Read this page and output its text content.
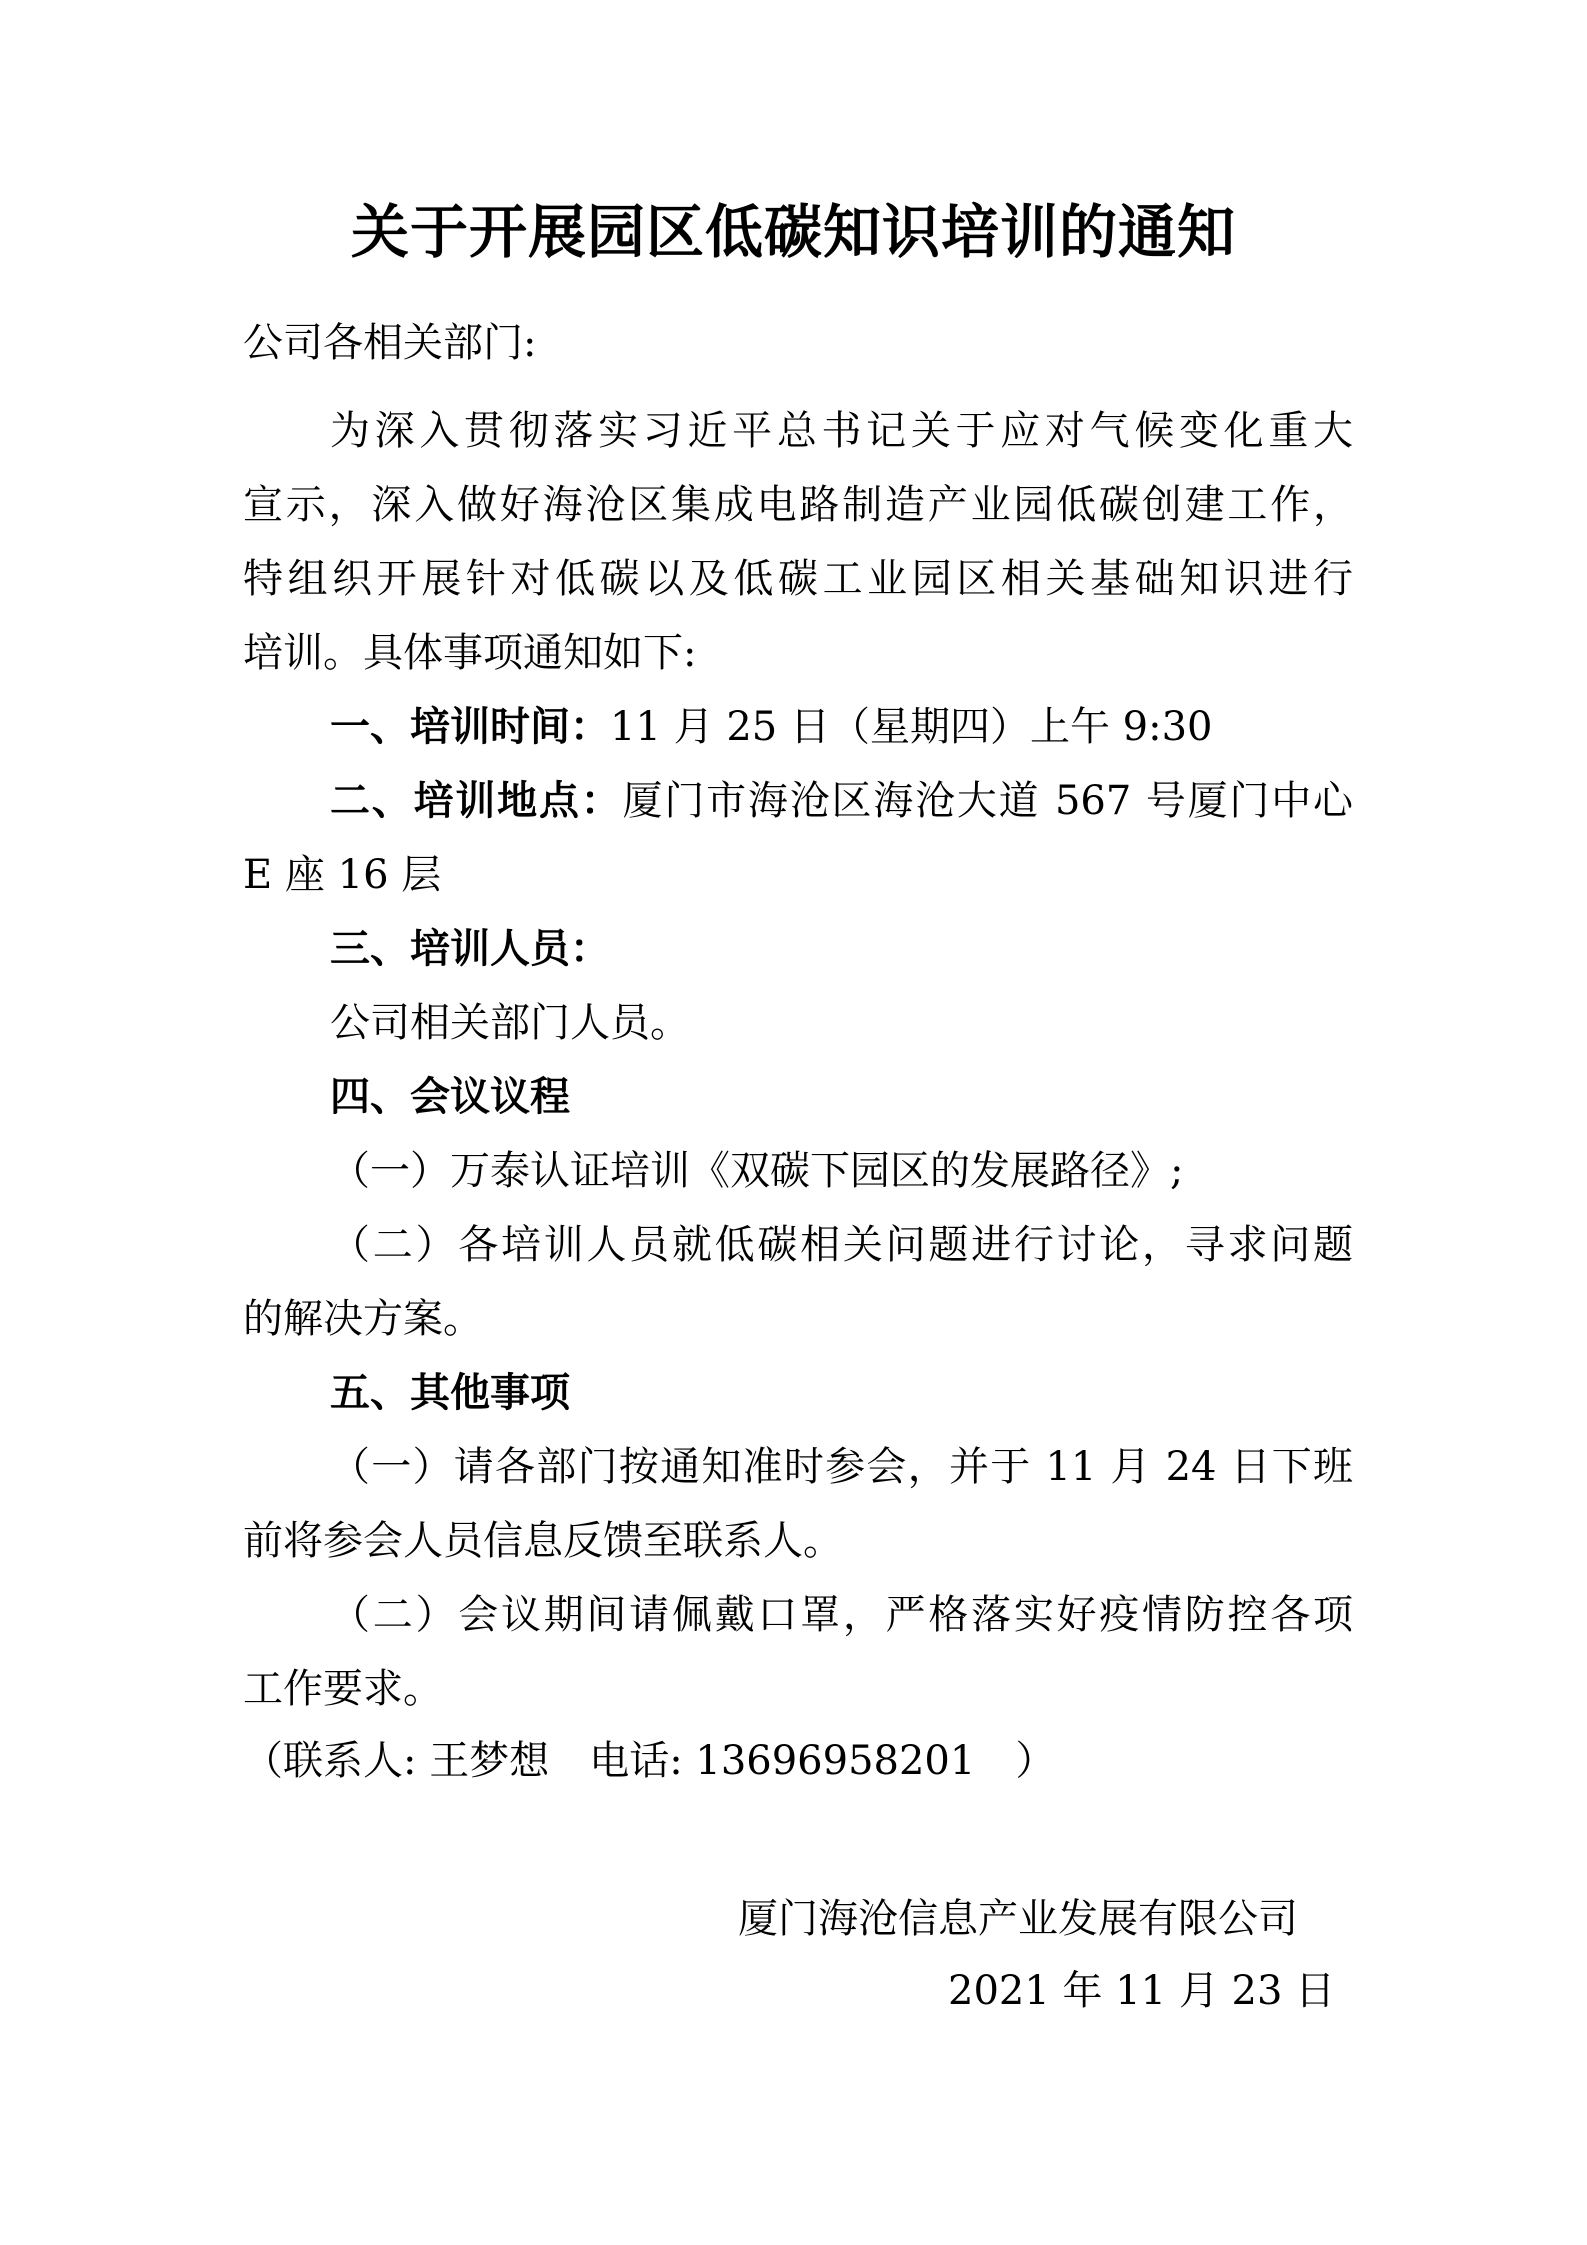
关于开展园区低碳知识培训的通知

公司各相关部门:

为深入贯彻落实习近平总书记关于应对气候变化重大

宣示，深入做好海沧区集成电路制造产业园低碳创建工作，

特组织开展针对低碳以及低碳工业园区相关基础知识进行

培训。具体事项通知如下:

一、培训时间：11 月 25 日（星期四）上午 9:30

二、培训地点：厦门市海沧区海沧大道 567 号厦门中心

E 座 16 层

三、培训人员：

公司相关部门人员。

四、会议议程

（一）万泰认证培训《双碳下园区的发展路径》;

（二）各培训人员就低碳相关问题进行讨论，寻求问题

的解决方案。

五、其他事项

（一）请各部门按通知准时参会，并于 11 月 24 日下班

前将参会人员信息反馈至联系人。

（二）会议期间请佩戴口罩，严格落实好疫情防控各项

工作要求。

（联系人: 王梦想　电话: 13696958201　）

厦门海沧信息产业发展有限公司

2021 年 11 月 23 日
